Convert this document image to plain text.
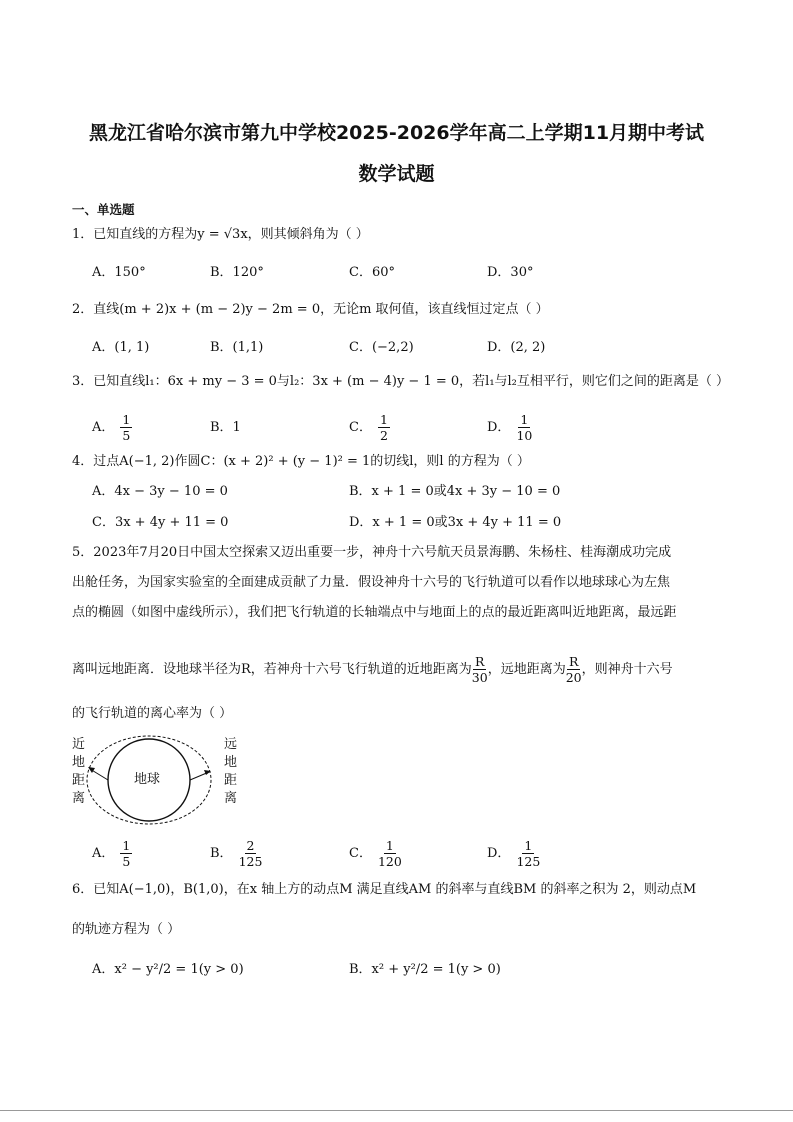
黑龙江省哈尔滨市第九中学校2025-2026学年高二上学期11月期中考试
数学试题
一、单选题
1．已知直线的方程为y = √3x，则其倾斜角为（ ）
A．150°	B．120°	C．60°	D．30°
2．直线(m + 2)x + (m − 2)y − 2m = 0，无论m 取何值，该直线恒过定点（ ）
A．(1, 1)	B．(1,1)	C．(−2,2)	D．(2, 2)
3．已知直线l₁：6x + my − 3 = 0与l₂：3x + (m − 4)y − 1 = 0，若l₁与l₂互相平行，则它们之间的距离是（ ）
A． $\frac{1}{5}$	B．1	C． $\frac{1}{2}$	D． $\frac{1}{10}$
4．过点A(−1, 2)作圆C：(x + 2)² + (y − 1)² = 1的切线l，则l 的方程为（ ）
A．4x − 3y − 10 = 0	B．x + 1 = 0或4x + 3y − 10 = 0
C．3x + 4y + 11 = 0	D．x + 1 = 0或3x + 4y + 11 = 0
5．2023年7月20日中国太空探索又迈出重要一步，神舟十六号航天员景海鹏、朱杨柱、桂海潮成功完成
出舱任务，为国家实验室的全面建成贡献了力量．假设神舟十六号的飞行轨道可以看作以地球球心为左焦
点的椭圆（如图中虚线所示），我们把飞行轨道的长轴端点中与地面上的点的最近距离叫近地距离，最远距
离叫远地距离．设地球半径为R，若神舟十六号飞行轨道的近地距离为 $\frac{R}{30}$ ，远地距离为 $\frac{R}{20}$ ，则神舟十六号
的飞行轨道的离心率为（ ）
地球
近地距离
远地距离
A． $\frac{1}{5}$	B． $\frac{2}{125}$	C． $\frac{1}{120}$	D． $\frac{1}{125}$
6．已知A(−1,0)，B(1,0)，在x 轴上方的动点M 满足直线AM 的斜率与直线BM 的斜率之积为 2，则动点M
的轨迹方程为（ ）
A．x² − y²/2 = 1(y > 0)	B．x² + y²/2 = 1(y > 0)
